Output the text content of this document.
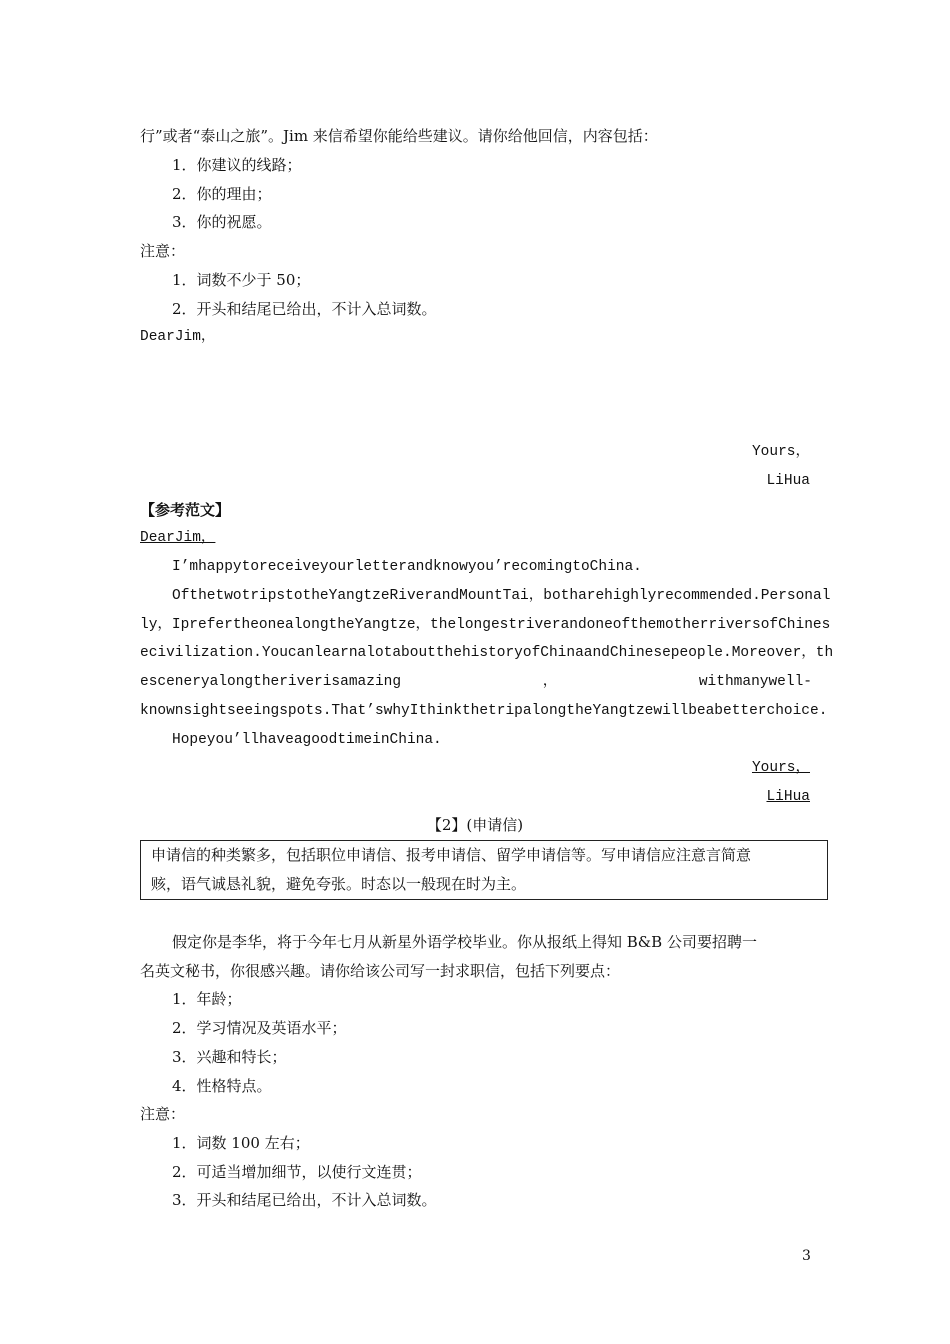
行”或者“泰山之旅”。Jim 来信希望你能给些建议。请你给他回信，内容包括：
1．你建议的线路；
2．你的理由；
3．你的祝愿。
注意：
1．词数不少于 50；
2．开头和结尾已给出，不计入总词数。
DearJim，
Yours，
LiHua
【参考范文】
DearJim，
I’mhappytoreceiveyourletterandknowyou’recomingtoChina.
OfthetwotripstotheYangtzeRiverandMountTai，botharehighlyrecommended.Personal
ly，IprefertheonealongtheYangtze，thelongestriverandoneofthemotherriversofChines
ecivilization.YoucanlearnalotaboutthehistoryofChinaandChinesepeople.Moreover，th
esceneryalongtheriverisamazing	，	withmanywell-
knownsightseeingspots.That’swhyIthinkthetripalongtheYangtzewillbeabetterchoice.
Hopeyou’llhaveagoodtimeinChina.
Yours，
LiHua
【2】(申请信)
申请信的种类繁多，包括职位申请信、报考申请信、留学申请信等。写申请信应注意言简意
赅，语气诚恳礼貌，避免夸张。时态以一般现在时为主。
假定你是李华，将于今年七月从新星外语学校毕业。你从报纸上得知 B&B 公司要招聘一
名英文秘书，你很感兴趣。请你给该公司写一封求职信，包括下列要点：
1．年龄；
2．学习情况及英语水平；
3．兴趣和特长；
4．性格特点。
注意：
1．词数 100 左右；
2．可适当增加细节，以使行文连贯；
3．开头和结尾已给出，不计入总词数。
3
